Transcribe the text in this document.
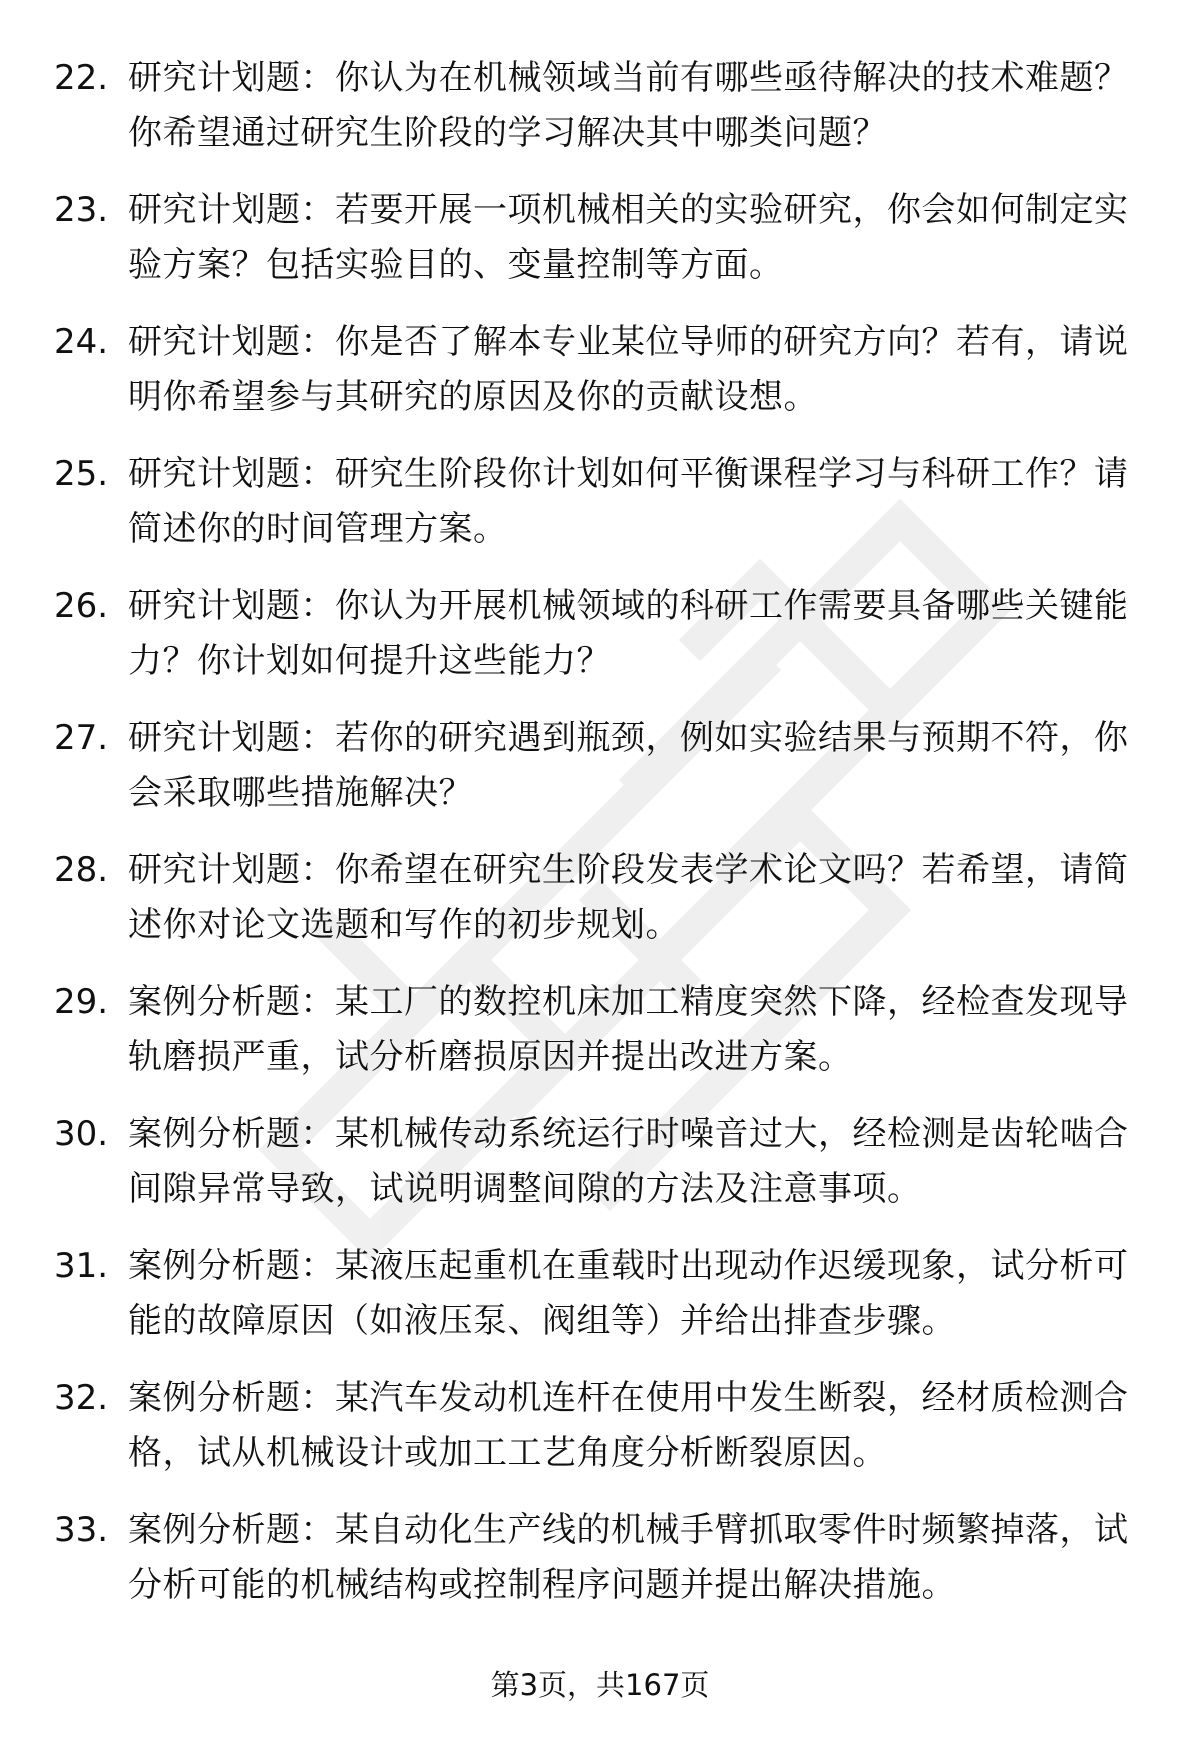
22. 研究计划题：你认为在机械领域当前有哪些亟待解决的技术难题？你希望通过研究生阶段的学习解决其中哪类问题？

23. 研究计划题：若要开展一项机械相关的实验研究，你会如何制定实验方案？包括实验目的、变量控制等方面。

24. 研究计划题：你是否了解本专业某位导师的研究方向？若有，请说明你希望参与其研究的原因及你的贡献设想。

25. 研究计划题：研究生阶段你计划如何平衡课程学习与科研工作？请简述你的时间管理方案。

26. 研究计划题：你认为开展机械领域的科研工作需要具备哪些关键能力？你计划如何提升这些能力？

27. 研究计划题：若你的研究遇到瓶颈，例如实验结果与预期不符，你会采取哪些措施解决？

28. 研究计划题：你希望在研究生阶段发表学术论文吗？若希望，请简述你对论文选题和写作的初步规划。

29. 案例分析题：某工厂的数控机床加工精度突然下降，经检查发现导轨磨损严重，试分析磨损原因并提出改进方案。

30. 案例分析题：某机械传动系统运行时噪音过大，经检测是齿轮啮合间隙异常导致，试说明调整间隙的方法及注意事项。

31. 案例分析题：某液压起重机在重载时出现动作迟缓现象，试分析可能的故障原因（如液压泵、阀组等）并给出排查步骤。

32. 案例分析题：某汽车发动机连杆在使用中发生断裂，经材质检测合格，试从机械设计或加工工艺角度分析断裂原因。

33. 案例分析题：某自动化生产线的机械手臂抓取零件时频繁掉落，试分析可能的机械结构或控制程序问题并提出解决措施。

第3页，共167页
